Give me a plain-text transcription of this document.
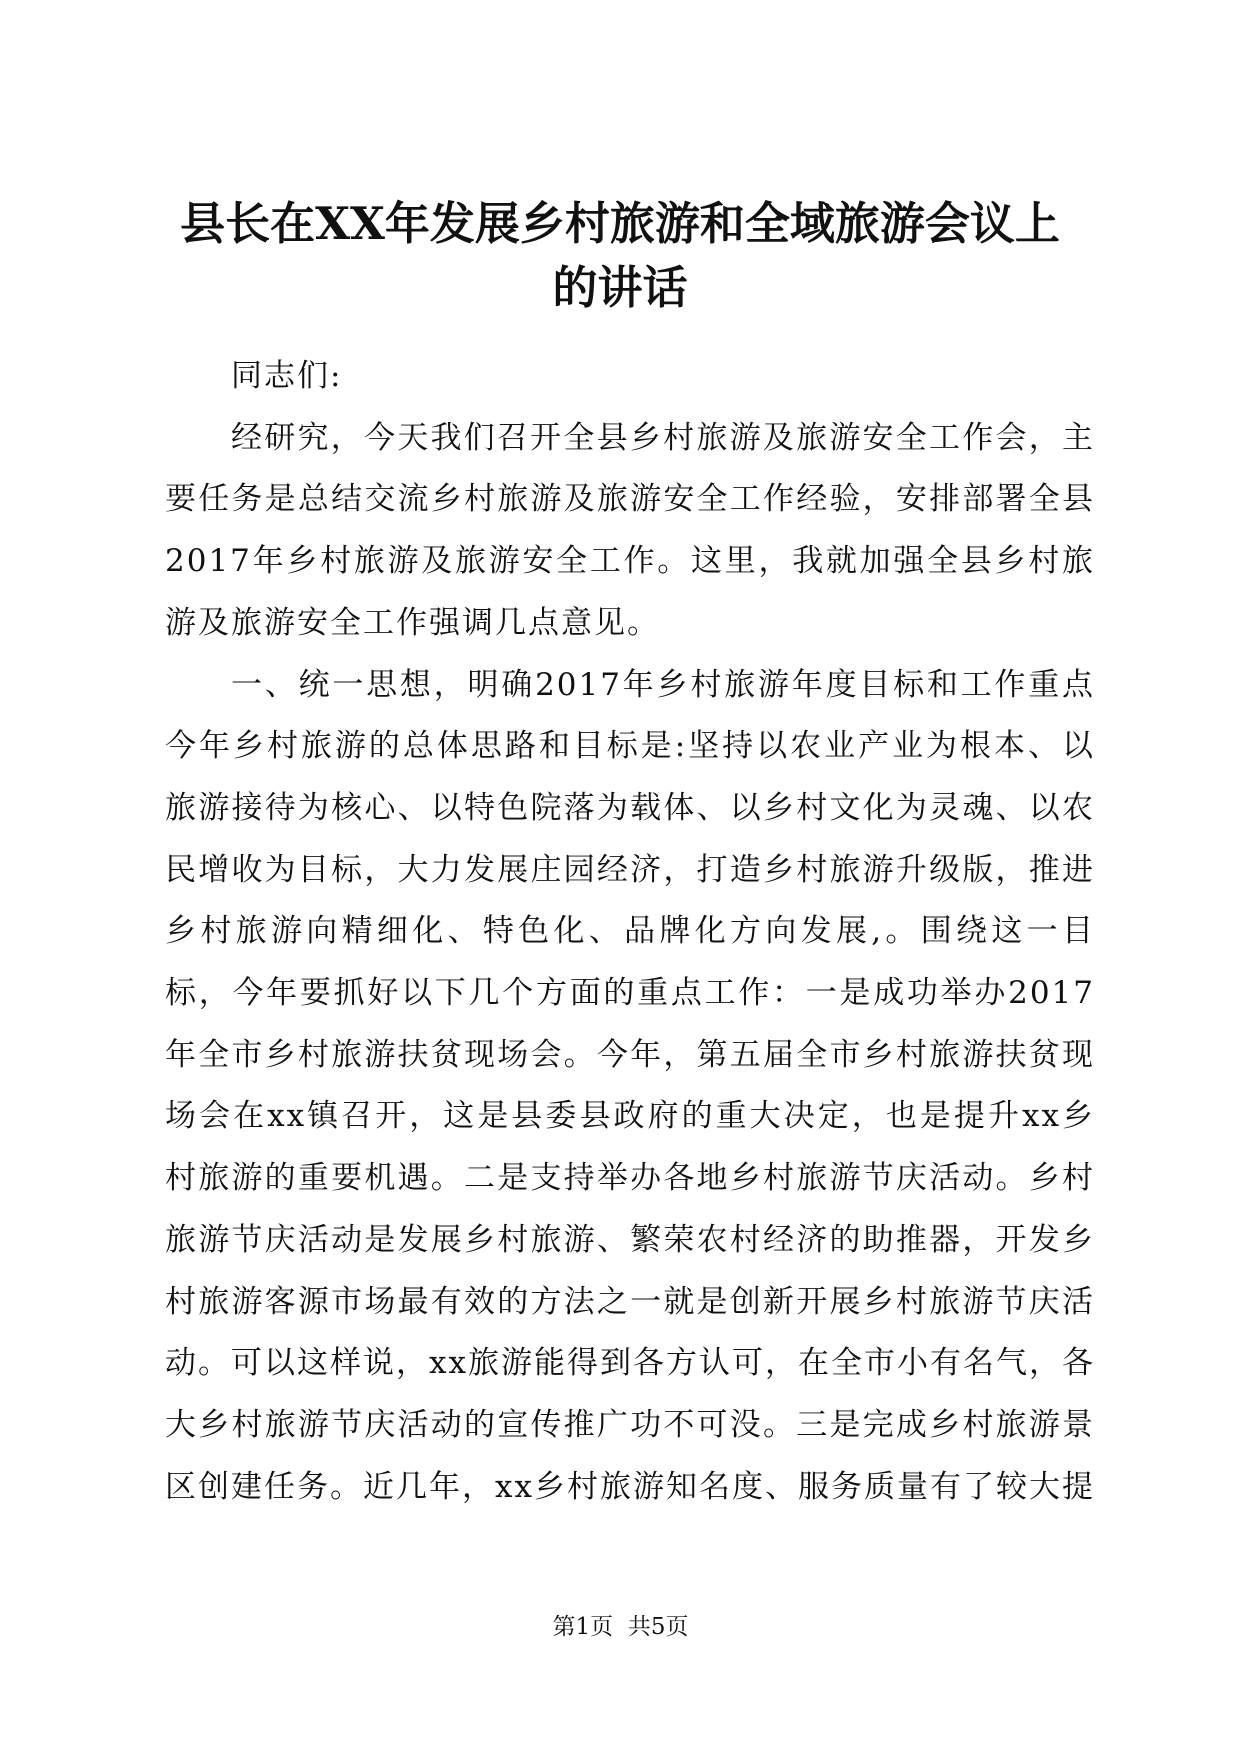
县长在XX年发展乡村旅游和全域旅游会议上
的讲话

同志们:

经研究，今天我们召开全县乡村旅游及旅游安全工作会，主要任务是总结交流乡村旅游及旅游安全工作经验，安排部署全县2017年乡村旅游及旅游安全工作。这里，我就加强全县乡村旅游及旅游安全工作强调几点意见。

一、统一思想，明确2017年乡村旅游年度目标和工作重点今年乡村旅游的总体思路和目标是:坚持以农业产业为根本、以旅游接待为核心、以特色院落为载体、以乡村文化为灵魂、以农民增收为目标，大力发展庄园经济，打造乡村旅游升级版，推进乡村旅游向精细化、特色化、品牌化方向发展,。围绕这一目标，今年要抓好以下几个方面的重点工作：一是成功举办2017年全市乡村旅游扶贫现场会。今年，第五届全市乡村旅游扶贫现场会在xx镇召开，这是县委县政府的重大决定，也是提升xx乡村旅游的重要机遇。二是支持举办各地乡村旅游节庆活动。乡村旅游节庆活动是发展乡村旅游、繁荣农村经济的助推器，开发乡村旅游客源市场最有效的方法之一就是创新开展乡村旅游节庆活动。可以这样说，xx旅游能得到各方认可，在全市小有名气，各大乡村旅游节庆活动的宣传推广功不可没。三是完成乡村旅游景区创建任务。近几年，xx乡村旅游知名度、服务质量有了较大提

第1页 共5页
